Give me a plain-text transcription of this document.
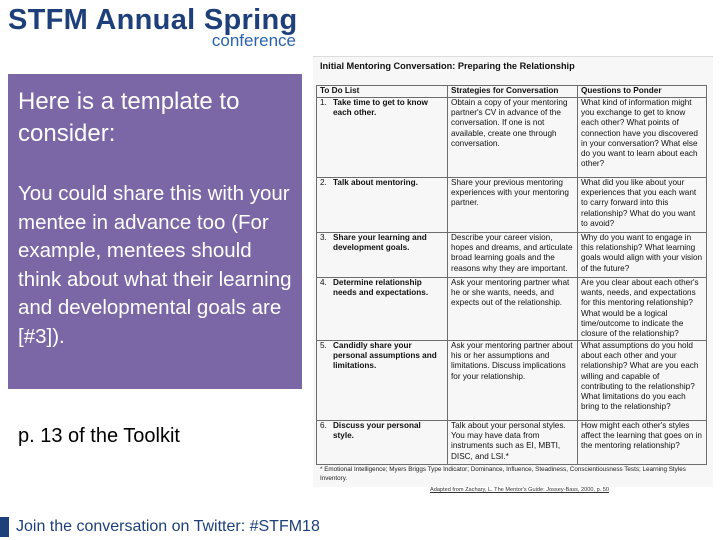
STFM Annual Spring
conference
Here is a template to consider:
You could share this with your mentee in advance too (For example, mentees should think about what their learning and developmental goals are [#3]).
p. 13 of the Toolkit
Initial Mentoring Conversation: Preparing the Relationship
To Do List	Strategies for Conversation	Questions to Ponder
1. Take time to get to know each other.	Obtain a copy of your mentoring partner's CV in advance of the conversation. If one is not available, create one through conversation.	What kind of information might you exchange to get to know each other? What points of connection have you discovered in your conversation? What else do you want to learn about each other?
2. Talk about mentoring.	Share your previous mentoring experiences with your mentoring partner.	What did you like about your experiences that you each want to carry forward into this relationship? What do you want to avoid?
3. Share your learning and development goals.	Describe your career vision, hopes and dreams, and articulate broad learning goals and the reasons why they are important.	Why do you want to engage in this relationship? What learning goals would align with your vision of the future?
4. Determine relationship needs and expectations.	Ask your mentoring partner what he or she wants, needs, and expects out of the relationship.	Are you clear about each other's wants, needs, and expectations for this mentoring relationship? What would be a logical time/outcome to indicate the closure of the relationship?
5. Candidly share your personal assumptions and limitations.	Ask your mentoring partner about his or her assumptions and limitations. Discuss implications for your relationship.	What assumptions do you hold about each other and your relationship? What are you each willing and capable of contributing to the relationship? What limitations do you each bring to the relationship?
6. Discuss your personal style.	Talk about your personal styles. You may have data from instruments such as EI, MBTI, DISC, and LSI.*	How might each other's styles affect the learning that goes on in the mentoring relationship?
* Emotional Intelligence; Myers Briggs Type Indicator; Dominance, Influence, Steadiness, Conscientiousness Tests; Learning Styles Inventory.
Adapted from Zachary, L. The Mentor's Guide: Jossey-Bass, 2000, p. 50
Join the conversation on Twitter: #STFM18
